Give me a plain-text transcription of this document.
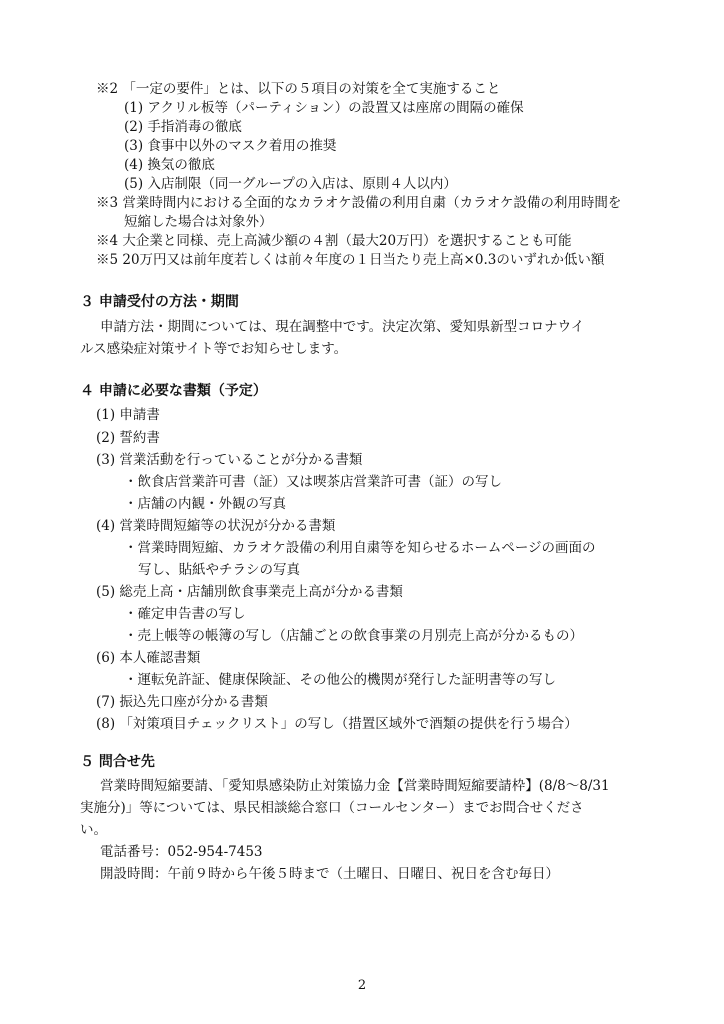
※2 「一定の要件」とは、以下の５項目の対策を全て実施すること
(1) アクリル板等（パーティション）の設置又は座席の間隔の確保
(2) 手指消毒の徹底
(3) 食事中以外のマスク着用の推奨
(4) 換気の徹底
(5) 入店制限（同一グループの入店は、原則４人以内）
※3 営業時間内における全面的なカラオケ設備の利用自粛（カラオケ設備の利用時間を
短縮した場合は対象外）
※4 大企業と同様、売上高減少額の４割（最大20万円）を選択することも可能
※5 20万円又は前年度若しくは前々年度の１日当たり売上高×0.3のいずれか低い額
３ 申請受付の方法・期間
申請方法・期間については、現在調整中です。決定次第、愛知県新型コロナウイ
ルス感染症対策サイト等でお知らせします。
４ 申請に必要な書類（予定）
(1) 申請書
(2) 誓約書
(3) 営業活動を行っていることが分かる書類
・飲食店営業許可書（証）又は喫茶店営業許可書（証）の写し
・店舗の内観・外観の写真
(4) 営業時間短縮等の状況が分かる書類
・営業時間短縮、カラオケ設備の利用自粛等を知らせるホームページの画面の
写し、貼紙やチラシの写真
(5) 総売上高・店舗別飲食事業売上高が分かる書類
・確定申告書の写し
・売上帳等の帳簿の写し（店舗ごとの飲食事業の月別売上高が分かるもの）
(6) 本人確認書類
・運転免許証、健康保険証、その他公的機関が発行した証明書等の写し
(7) 振込先口座が分かる書類
(8) 「対策項目チェックリスト」の写し（措置区域外で酒類の提供を行う場合）
５ 問合せ先
営業時間短縮要請、「愛知県感染防止対策協力金【営業時間短縮要請枠】(8/8～8/31
実施分)」等については、県民相談総合窓口（コールセンター）までお問合せくださ
い。
電話番号：052-954-7453
開設時間：午前９時から午後５時まで（土曜日、日曜日、祝日を含む毎日）
2
